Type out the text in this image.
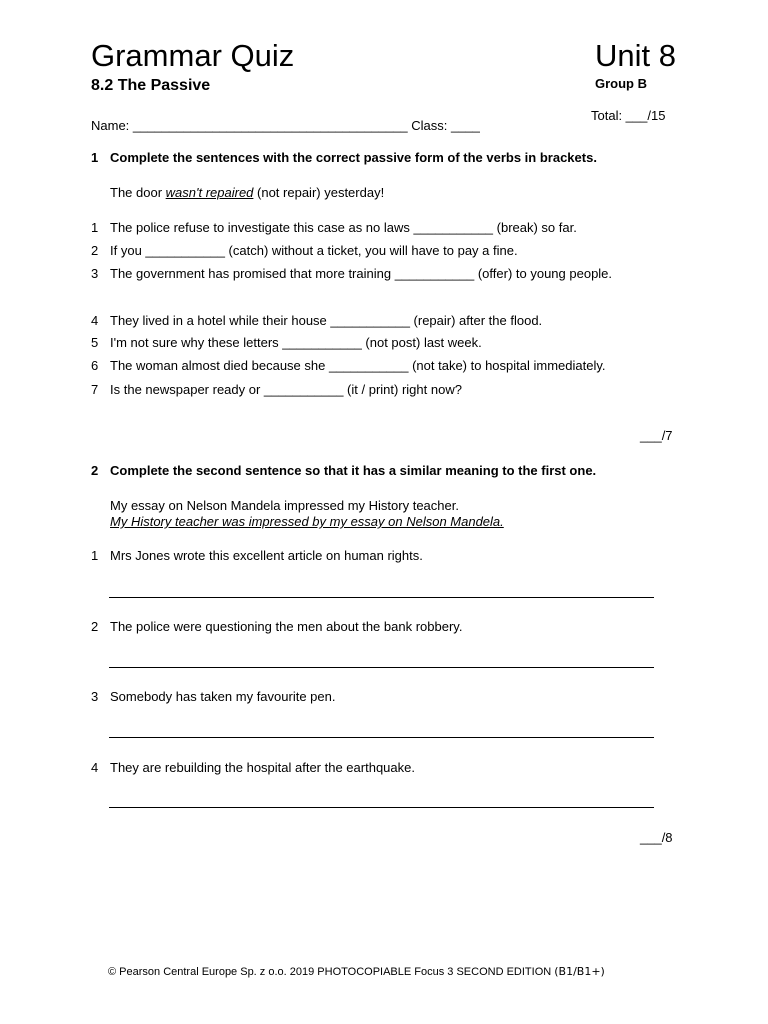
Grammar Quiz	Unit 8
8.2 The Passive	Group B
Total: ___/15
Name: ______________________________________ Class: ____
1 Complete the sentences with the correct passive form of the verbs in brackets.
The door wasn't repaired (not repair) yesterday!
1 The police refuse to investigate this case as no laws ___________ (break) so far.
2 If you ___________ (catch) without a ticket, you will have to pay a fine.
3 The government has promised that more training ___________ (offer) to young people.
4 They lived in a hotel while their house ___________ (repair) after the flood.
5 I'm not sure why these letters ___________ (not post) last week.
6 The woman almost died because she ___________ (not take) to hospital immediately.
7 Is the newspaper ready or ___________ (it / print) right now?
___/7
2 Complete the second sentence so that it has a similar meaning to the first one.
My essay on Nelson Mandela impressed my History teacher.
My History teacher was impressed by my essay on Nelson Mandela.
1 Mrs Jones wrote this excellent article on human rights.
2 The police were questioning the men about the bank robbery.
3 Somebody has taken my favourite pen.
4 They are rebuilding the hospital after the earthquake.
___/8
© Pearson Central Europe Sp. z o.o. 2019 PHOTOCOPIABLE Focus 3 SECOND EDITION (B1/B1+)
